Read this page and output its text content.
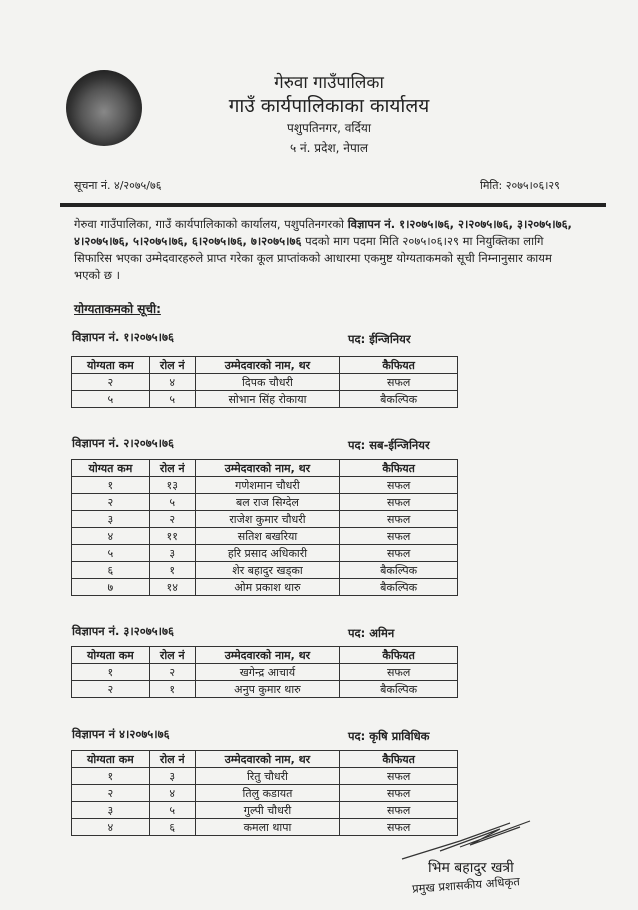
गेरुवा गाउँपालिका
गाउँ कार्यपालिकाका कार्यालय
पशुपतिनगर, वर्दिया
५ नं. प्रदेश, नेपाल
सूचना नं. ४/२०७५/७६	मिति: २०७५।०६।२९
गेरुवा गाउँपालिका, गाउँ कार्यपालिकाको कार्यालय, पशुपतिनगरको विज्ञापन नं. १।२०७५।७६, २।२०७५।७६, ३।२०७५।७६, ४।२०७५।७६, ५।२०७५।७६, ६।२०७५।७६, ७।२०७५।७६ पदको माग पदमा मिति २०७५।०६।२९ मा नियुक्तिका लागि सिफारिस भएका उम्मेदवारहरुले प्राप्त गरेका कूल प्राप्तांकको आधारमा एकमुष्ट योग्यताकमको सूची निम्नानुसार कायम भएको छ ।
योग्यताकमको सूची:
विज्ञापन नं. १।२०७५।७६	पद: ईन्जिनियर
योग्यता कम	रोल नं	उम्मेदवारको नाम, थर	कैफियत
२	४	दिपक चौधरी	सफल
५	५	सोभान सिंह रोकाया	बैकल्पिक
विज्ञापन नं. २।२०७५।७६	पद: सब-ईन्जिनियर
योग्यत कम	रोल नं	उम्मेदवारको नाम, थर	कैफियत
१	१३	गणेशमान चौधरी	सफल
२	५	बल राज सिग्देल	सफल
३	२	राजेश कुमार चौधरी	सफल
४	११	सतिश बखरिया	सफल
५	३	हरि प्रसाद अधिकारी	सफल
६	१	शेर बहादुर खड्का	बैकल्पिक
७	१४	ओम प्रकाश थारु	बैकल्पिक
विज्ञापन नं. ३।२०७५।७६	पद: अमिन
योग्यता कम	रोल नं	उम्मेदवारको नाम, थर	कैफियत
१	२	खगेन्द्र आचार्य	सफल
२	१	अनुप कुमार थारु	बैकल्पिक
विज्ञापन नं ४।२०७५।७६	पद: कृषि प्राविधिक
योग्यता कम	रोल नं	उम्मेदवारको नाम, थर	कैफियत
१	३	रितु चौधरी	सफल
२	४	तिलु कडायत	सफल
३	५	गुल्पी चौधरी	सफल
४	६	कमला थापा	सफल
भिम बहादुर खत्री
प्रमुख प्रशासकीय अधिकृत
